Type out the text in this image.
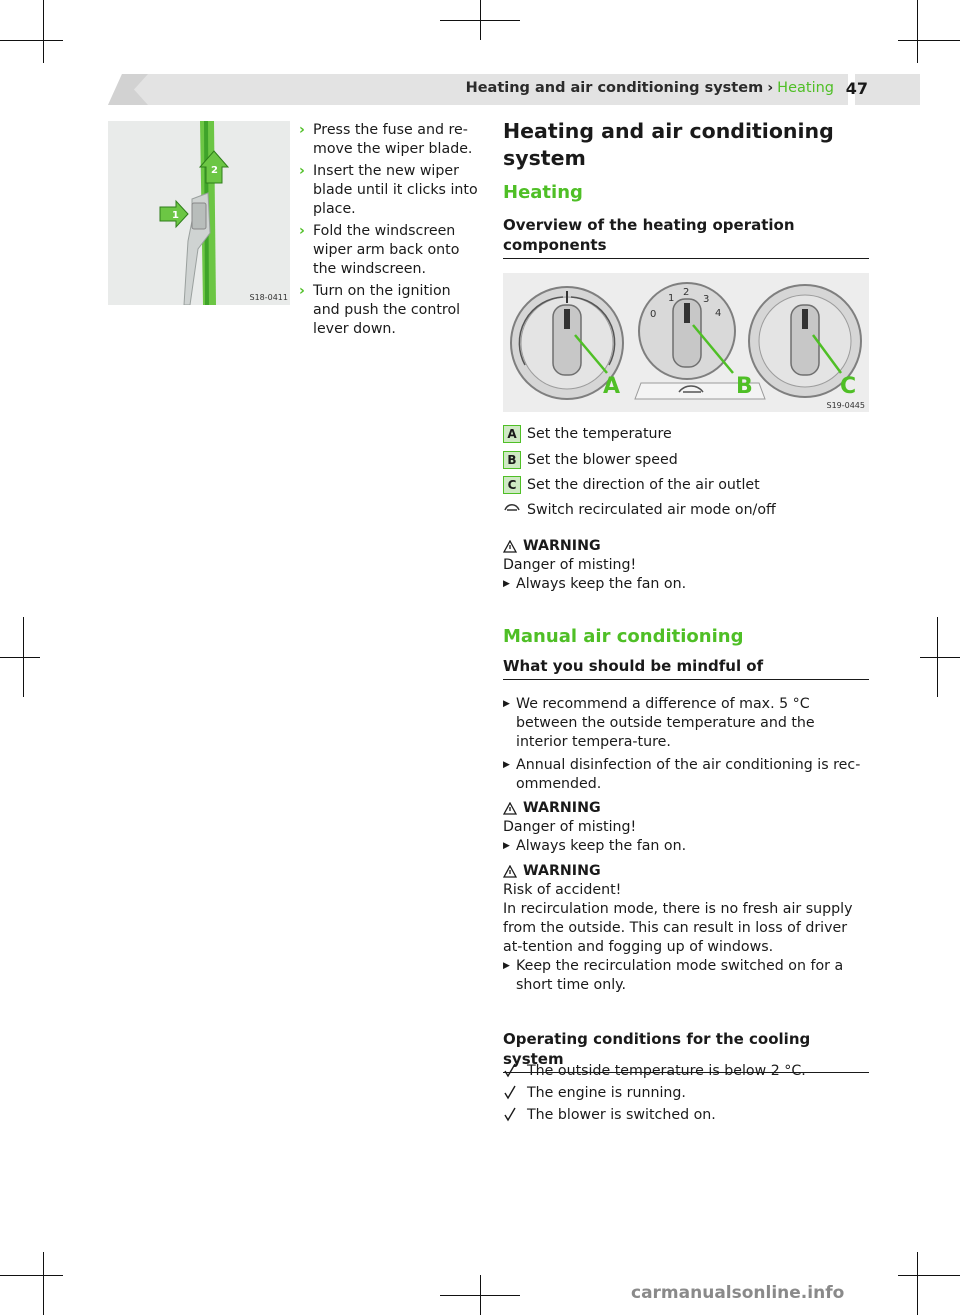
Heating and air conditioning system › Heating 47
1
2
S18-0411
› Press the fuse and re-move the wiper blade.
› Insert the new wiper blade until it clicks into place.
› Fold the windscreen wiper arm back onto the windscreen.
› Turn on the ignition and push the control lever down.
Heating and air conditioning system
Heating
Overview of the heating operation components
0
1
2
3
4
A	B	C
S19-0445
A Set the temperature
B Set the blower speed
C Set the direction of the air outlet
Switch recirculated air mode on/off
WARNING
Danger of misting!
▶ Always keep the fan on.
Manual air conditioning
What you should be mindful of
▶ We recommend a difference of max. 5 °C between the outside temperature and the interior tempera-ture.
▶ Annual disinfection of the air conditioning is rec-ommended.
WARNING
Danger of misting!
▶ Always keep the fan on.
WARNING
Risk of accident!
In recirculation mode, there is no fresh air supply from the outside. This can result in loss of driver at-tention and fogging up of windows.
▶ Keep the recirculation mode switched on for a short time only.
Operating conditions for the cooling system
The outside temperature is below 2 °C.
The engine is running.
The blower is switched on.
carmanualsonline.info
